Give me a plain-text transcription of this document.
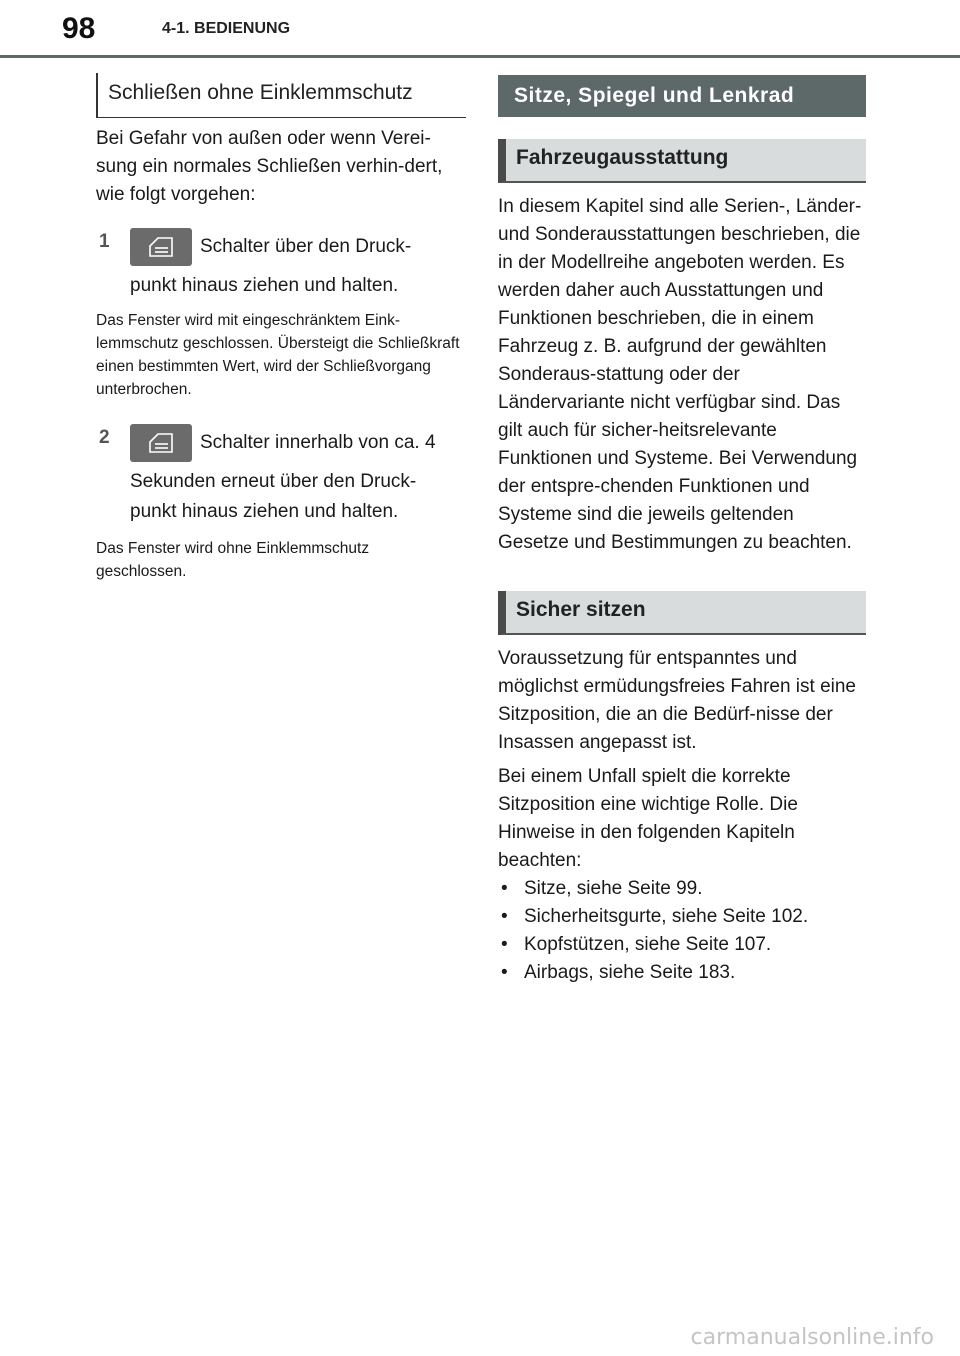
98	4-1. BEDIENUNG
Schließen ohne Einklemmschutz

Bei Gefahr von außen oder wenn Verei-sung ein normales Schließen verhin-dert, wie folgt vorgehen:

1	Schalter über den Druck-
punkt hinaus ziehen und halten.

Das Fenster wird mit eingeschränktem Eink-lemmschutz geschlossen. Übersteigt die Schließkraft einen bestimmten Wert, wird der Schließvorgang unterbrochen.

2	Schalter innerhalb von ca. 4
Sekunden erneut über den Druck-
punkt hinaus ziehen und halten.

Das Fenster wird ohne Einklemmschutz geschlossen.

Sitze, Spiegel und Lenkrad
Fahrzeugausstattung

In diesem Kapitel sind alle Serien-, Länder- und Sonderausstattungen beschrieben, die in der Modellreihe angeboten werden. Es werden daher auch Ausstattungen und Funktionen beschrieben, die in einem Fahrzeug z. B. aufgrund der gewählten Sonderaus-stattung oder der Ländervariante nicht verfügbar sind. Das gilt auch für sicher-heitsrelevante Funktionen und Systeme. Bei Verwendung der entspre-chenden Funktionen und Systeme sind die jeweils geltenden Gesetze und Bestimmungen zu beachten.

Sicher sitzen

Voraussetzung für entspanntes und möglichst ermüdungsfreies Fahren ist eine Sitzposition, die an die Bedürf-nisse der Insassen angepasst ist.

Bei einem Unfall spielt die korrekte Sitzposition eine wichtige Rolle. Die Hinweise in den folgenden Kapiteln beachten:

• Sitze, siehe Seite 99.
• Sicherheitsgurte, siehe Seite 102.
• Kopfstützen, siehe Seite 107.
• Airbags, siehe Seite 183.
carmanualsonline.info
